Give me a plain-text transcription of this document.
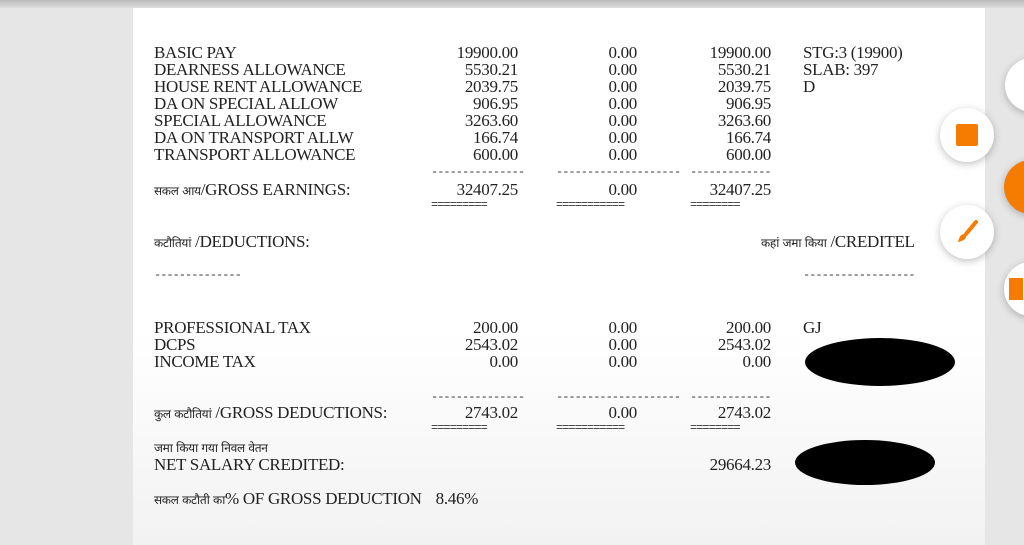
BASIC PAY	19900.00	0.00	19900.00 STG:3 (19900)
DEARNESS ALLOWANCE	5530.21	0.00	5530.21 SLAB: 397
HOUSE RENT ALLOWANCE	2039.75	0.00	2039.75 D
DA ON SPECIAL ALLOW	906.95	0.00	906.95
SPECIAL ALLOWANCE	3263.60	0.00	3263.60
DA ON TRANSPORT ALLW	166.74	0.00	166.74
TRANSPORT ALLOWANCE	600.00	0.00	600.00
---------------	-------------------- -------------
सकल आय/GROSS EARNINGS:	32407.25	0.00	32407.25
=========	===========	========
कटौतियां /DEDUCTIONS:	कहां जमा किया /CREDITEL
--------------	------------------
PROFESSIONAL TAX	200.00	0.00	200.00 GJ
DCPS	2543.02	0.00	2543.02
INCOME TAX	0.00	0.00	0.00
---------------	-------------------- -------------
कुल कटौतियां /GROSS DEDUCTIONS:	2743.02	0.00	2743.02
=========	===========	========
जमा किया गया निवल वेतन
NET SALARY CREDITED:	29664.23
सकल कटौती का% OF GROSS DEDUCTION 8.46%
